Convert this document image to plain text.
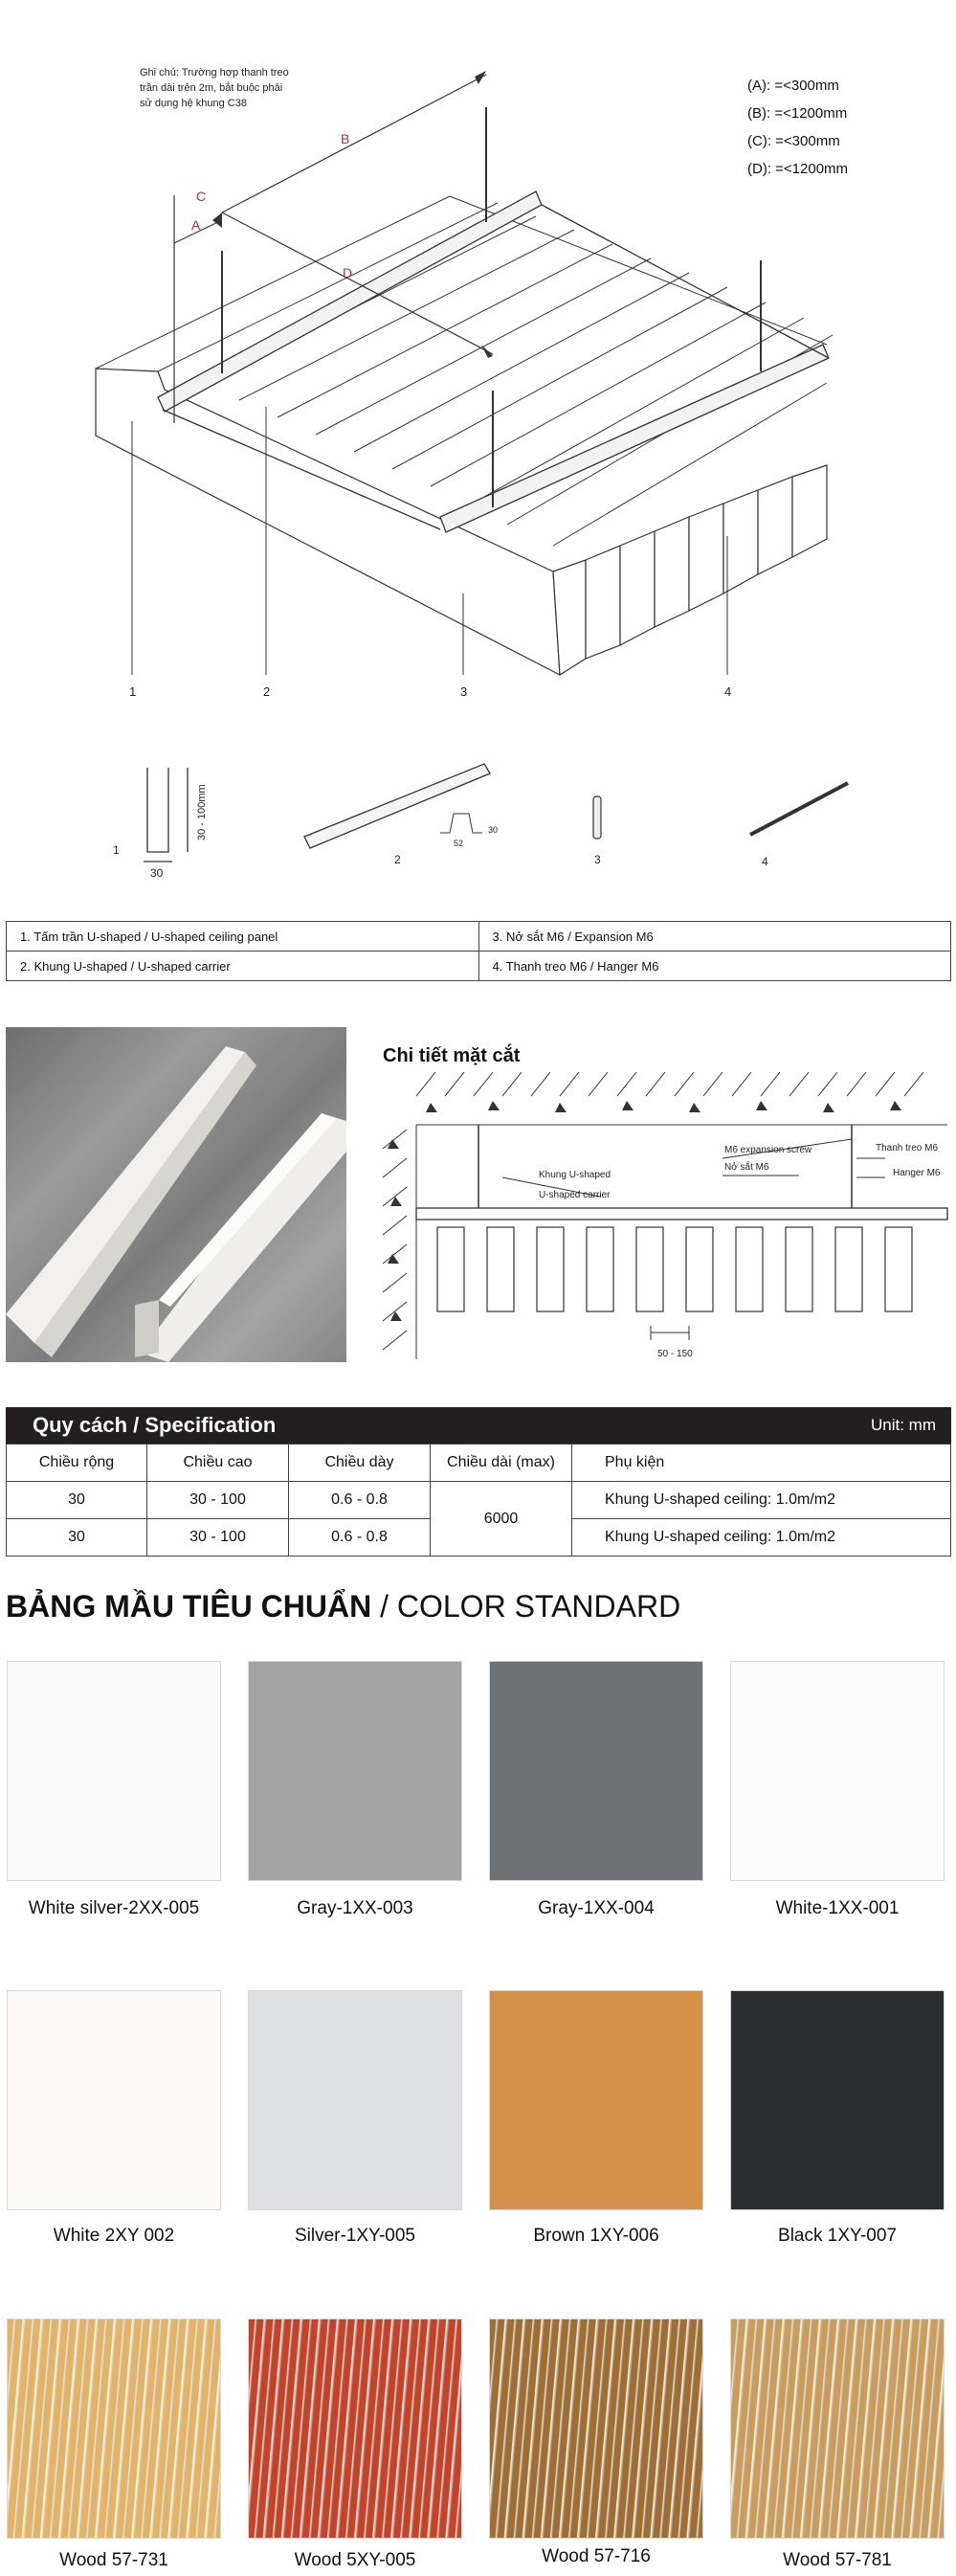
Ghi chú: Trường hợp thanh treo
trần dài trên 2m, bắt buộc phải
sử dụng hệ khung C38
(A): =<300mm
(B): =<1200mm
(C): =<300mm
(D): =<1200mm
B
A
C
D
1	2	3	4
1
30
30 - 100mm
2
52
30
3	4
1. Tấm trần U-shaped / U-shaped ceiling panel	3. Nở sắt M6 / Expansion M6
2. Khung U-shaped / U-shaped carrier	4. Thanh treo M6 / Hanger M6
Chi tiết mặt cắt
M6 expansion screw
Nở sắt M6
Thanh treo M6
Hanger M6
Khung U-shaped
U-shaped carrier
50 - 150
Quy cách / Specification	Unit: mm
Chiều rộng	Chiều cao	Chiều dày	Chiều dài (max)	Phụ kiện
30	30 - 100	0.6 - 0.8	6000	Khung U-shaped ceiling: 1.0m/m2
30	30 - 100	0.6 - 0.8		Khung U-shaped ceiling: 1.0m/m2
BẢNG MẦU TIÊU CHUẨN / COLOR STANDARD
White silver-2XX-005	Gray-1XX-003	Gray-1XX-004	White-1XX-001
White 2XY 002	Silver-1XY-005	Brown 1XY-006	Black 1XY-007
Wood 57-731	Wood 5XY-005	Wood 57-716	Wood 57-781
